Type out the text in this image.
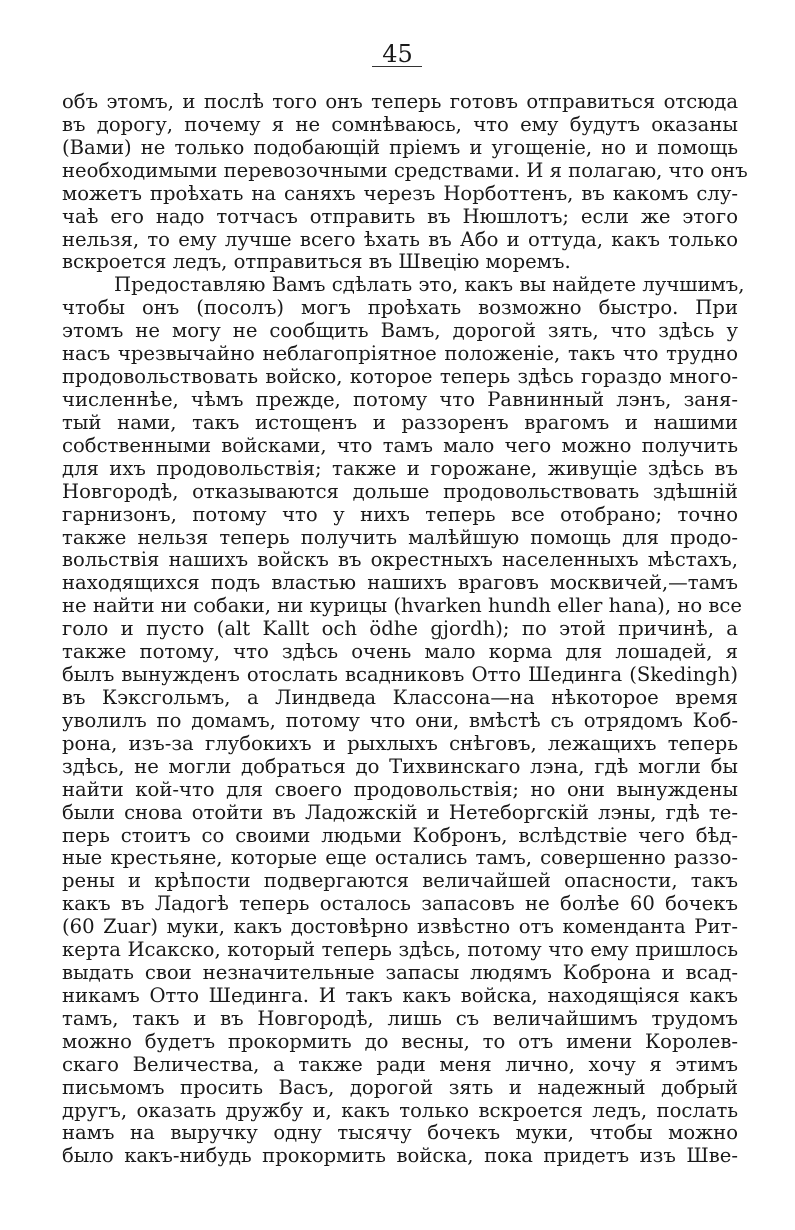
45
объ этомъ, и послѣ того онъ теперь готовъ отправиться отсюда
въ дорогу, почему я не сомнѣваюсь, что ему будутъ оказаны
(Вами) не только подобающій пріемъ и угощеніе, но и помощь
необходимыми перевозочными средствами. И я полагаю, что онъ
можетъ проѣхать на саняхъ черезъ Норботтенъ, въ какомъ слу-
чаѣ его надо тотчасъ отправить въ Нюшлотъ; если же этого
нельзя, то ему лучше всего ѣхать въ Або и оттуда, какъ только
вскроется ледъ, отправиться въ Швецію моремъ.
Предоставляю Вамъ сдѣлать это, какъ вы найдете лучшимъ,
чтобы онъ (посолъ) могъ проѣхать возможно быстро. При
этомъ не могу не сообщить Вамъ, дорогой зять, что здѣсь у
насъ чрезвычайно неблагопріятное положеніе, такъ что трудно
продовольствовать войско, которое теперь здѣсь гораздо много-
численнѣе, чѣмъ прежде, потому что Равнинный лэнъ, заня-
тый нами, такъ истощенъ и раззоренъ врагомъ и нашими
собственными войсками, что тамъ мало чего можно получить
для ихъ продовольствія; также и горожане, живущіе здѣсь въ
Новгородѣ, отказываются дольше продовольствовать здѣшній
гарнизонъ, потому что у нихъ теперь все отобрано; точно
также нельзя теперь получить малѣйшую помощь для продо-
вольствія нашихъ войскъ въ окрестныхъ населенныхъ мѣстахъ,
находящихся подъ властью нашихъ враговъ москвичей,—тамъ
не найти ни собаки, ни курицы (hvarken hundh eller hana), но все
голо и пусто (alt Kallt och ödhe gjordh); по этой причинѣ, а
также потому, что здѣсь очень мало корма для лошадей, я
былъ вынужденъ отослать всадниковъ Отто Шединга (Skedingh)
въ Кэксгольмъ, а Линдведа Классона—на нѣкоторое время
уволилъ по домамъ, потому что они, вмѣстѣ съ отрядомъ Коб-
рона, изъ-за глубокихъ и рыхлыхъ снѣговъ, лежащихъ теперь
здѣсь, не могли добраться до Тихвинскаго лэна, гдѣ могли бы
найти кой-что для своего продовольствія; но они вынуждены
были снова отойти въ Ладожскій и Нетеборгскій лэны, гдѣ те-
перь стоитъ со своими людьми Кобронъ, вслѣдствіе чего бѣд-
ные крестьяне, которые еще остались тамъ, совершенно раззо-
рены и крѣпости подвергаются величайшей опасности, такъ
какъ въ Ладогѣ теперь осталось запасовъ не болѣе 60 бочекъ
(60 Zuar) муки, какъ достовѣрно извѣстно отъ коменданта Рит-
керта Исакско, который теперь здѣсь, потому что ему пришлось
выдать свои незначительные запасы людямъ Коброна и всад-
никамъ Отто Шединга. И такъ какъ войска, находящіяся какъ
тамъ, такъ и въ Новгородѣ, лишь съ величайшимъ трудомъ
можно будетъ прокормить до весны, то отъ имени Королев-
скаго Величества, а также ради меня лично, хочу я этимъ
письмомъ просить Васъ, дорогой зять и надежный добрый
другъ, оказать дружбу и, какъ только вскроется ледъ, послать
намъ на выручку одну тысячу бочекъ муки, чтобы можно
было какъ-нибудь прокормить войска, пока придетъ изъ Шве-
